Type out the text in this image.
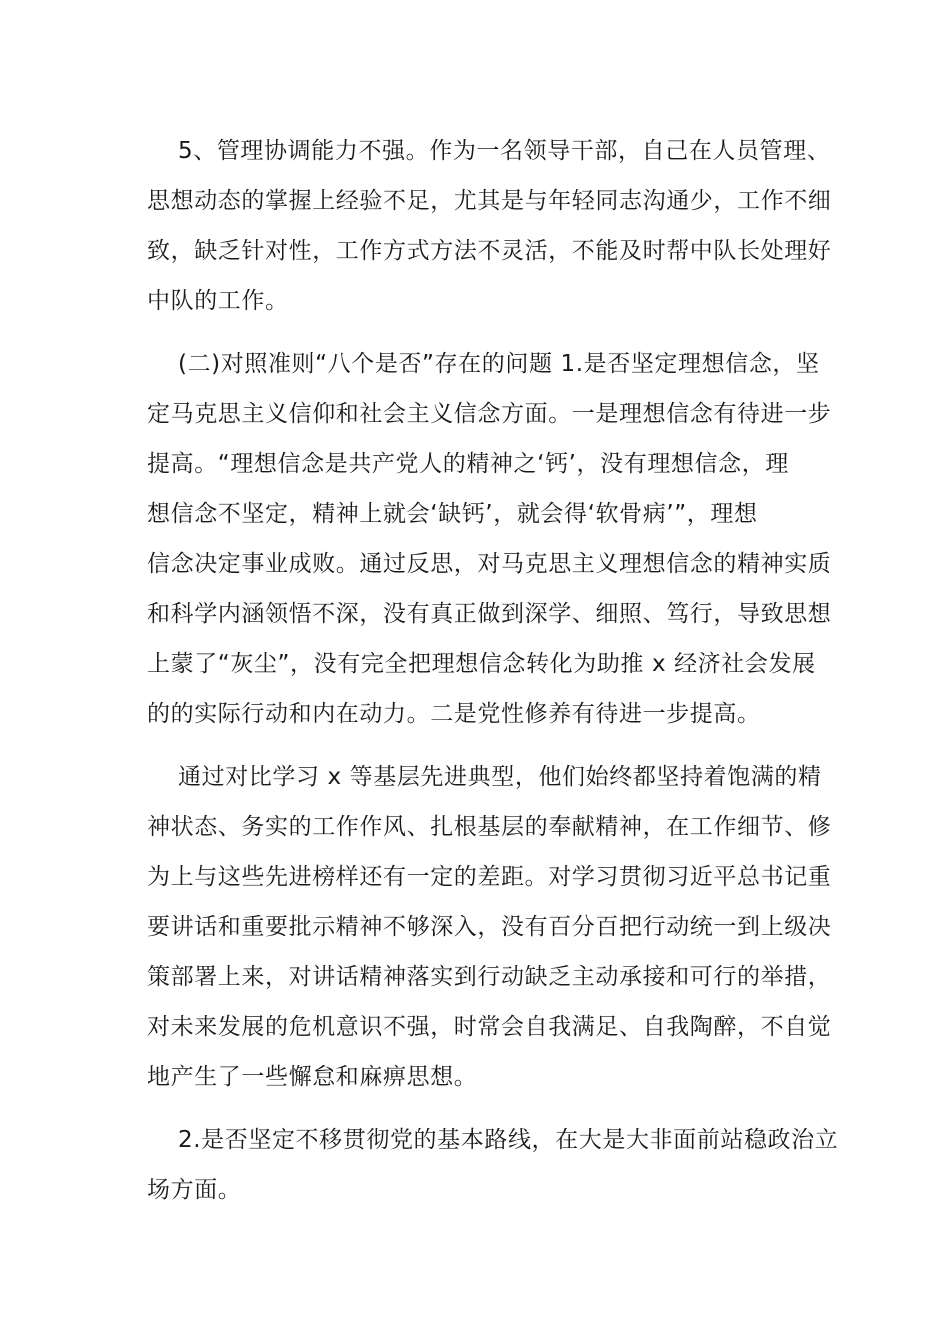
5、管理协调能力不强。作为一名领导干部，自己在人员管理、
思想动态的掌握上经验不足，尤其是与年轻同志沟通少，工作不细
致，缺乏针对性，工作方式方法不灵活，不能及时帮中队长处理好
中队的工作。
(二)对照准则“八个是否”存在的问题 1.是否坚定理想信念，坚
定马克思主义信仰和社会主义信念方面。一是理想信念有待进一步
提高。“理想信念是共产党人的精神之‘钙’，没有理想信念，理
想信念不坚定，精神上就会‘缺钙’，就会得‘软骨病’”，理想
信念决定事业成败。通过反思，对马克思主义理想信念的精神实质
和科学内涵领悟不深，没有真正做到深学、细照、笃行，导致思想
上蒙了“灰尘”，没有完全把理想信念转化为助推 x 经济社会发展
的的实际行动和内在动力。二是党性修养有待进一步提高。
通过对比学习 x 等基层先进典型，他们始终都坚持着饱满的精
神状态、务实的工作作风、扎根基层的奉献精神，在工作细节、修
为上与这些先进榜样还有一定的差距。对学习贯彻习近平总书记重
要讲话和重要批示精神不够深入，没有百分百把行动统一到上级决
策部署上来，对讲话精神落实到行动缺乏主动承接和可行的举措，
对未来发展的危机意识不强，时常会自我满足、自我陶醉，不自觉
地产生了一些懈怠和麻痹思想。
2.是否坚定不移贯彻党的基本路线，在大是大非面前站稳政治立
场方面。
